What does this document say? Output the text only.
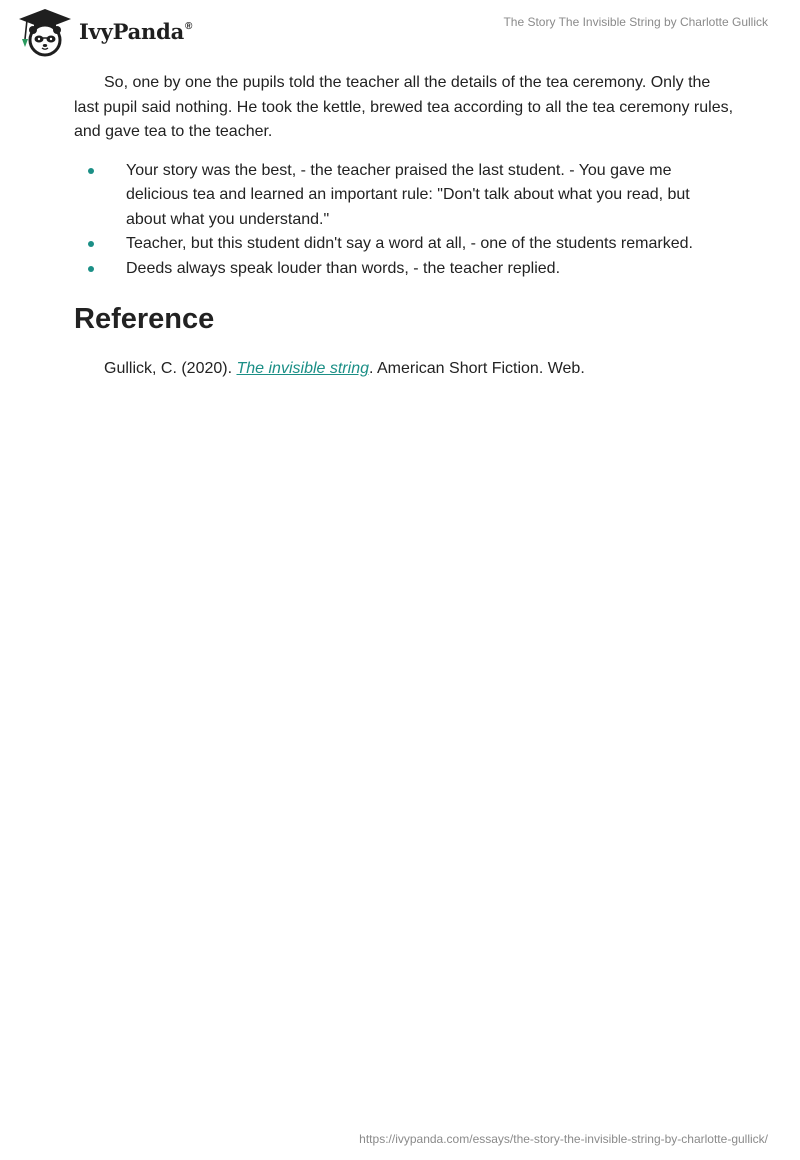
IvyPanda®	The Story The Invisible String by Charlotte Gullick

So, one by one the pupils told the teacher all the details of the tea ceremony. Only the last pupil said nothing. He took the kettle, brewed tea according to all the tea ceremony rules, and gave tea to the teacher.

Your story was the best, - the teacher praised the last student. - You gave me delicious tea and learned an important rule: "Don't talk about what you read, but about what you understand."
Teacher, but this student didn't say a word at all, - one of the students remarked.
Deeds always speak louder than words, - the teacher replied.
Reference

Gullick, C. (2020). The invisible string. American Short Fiction. Web.

https://ivypanda.com/essays/the-story-the-invisible-string-by-charlotte-gullick/
